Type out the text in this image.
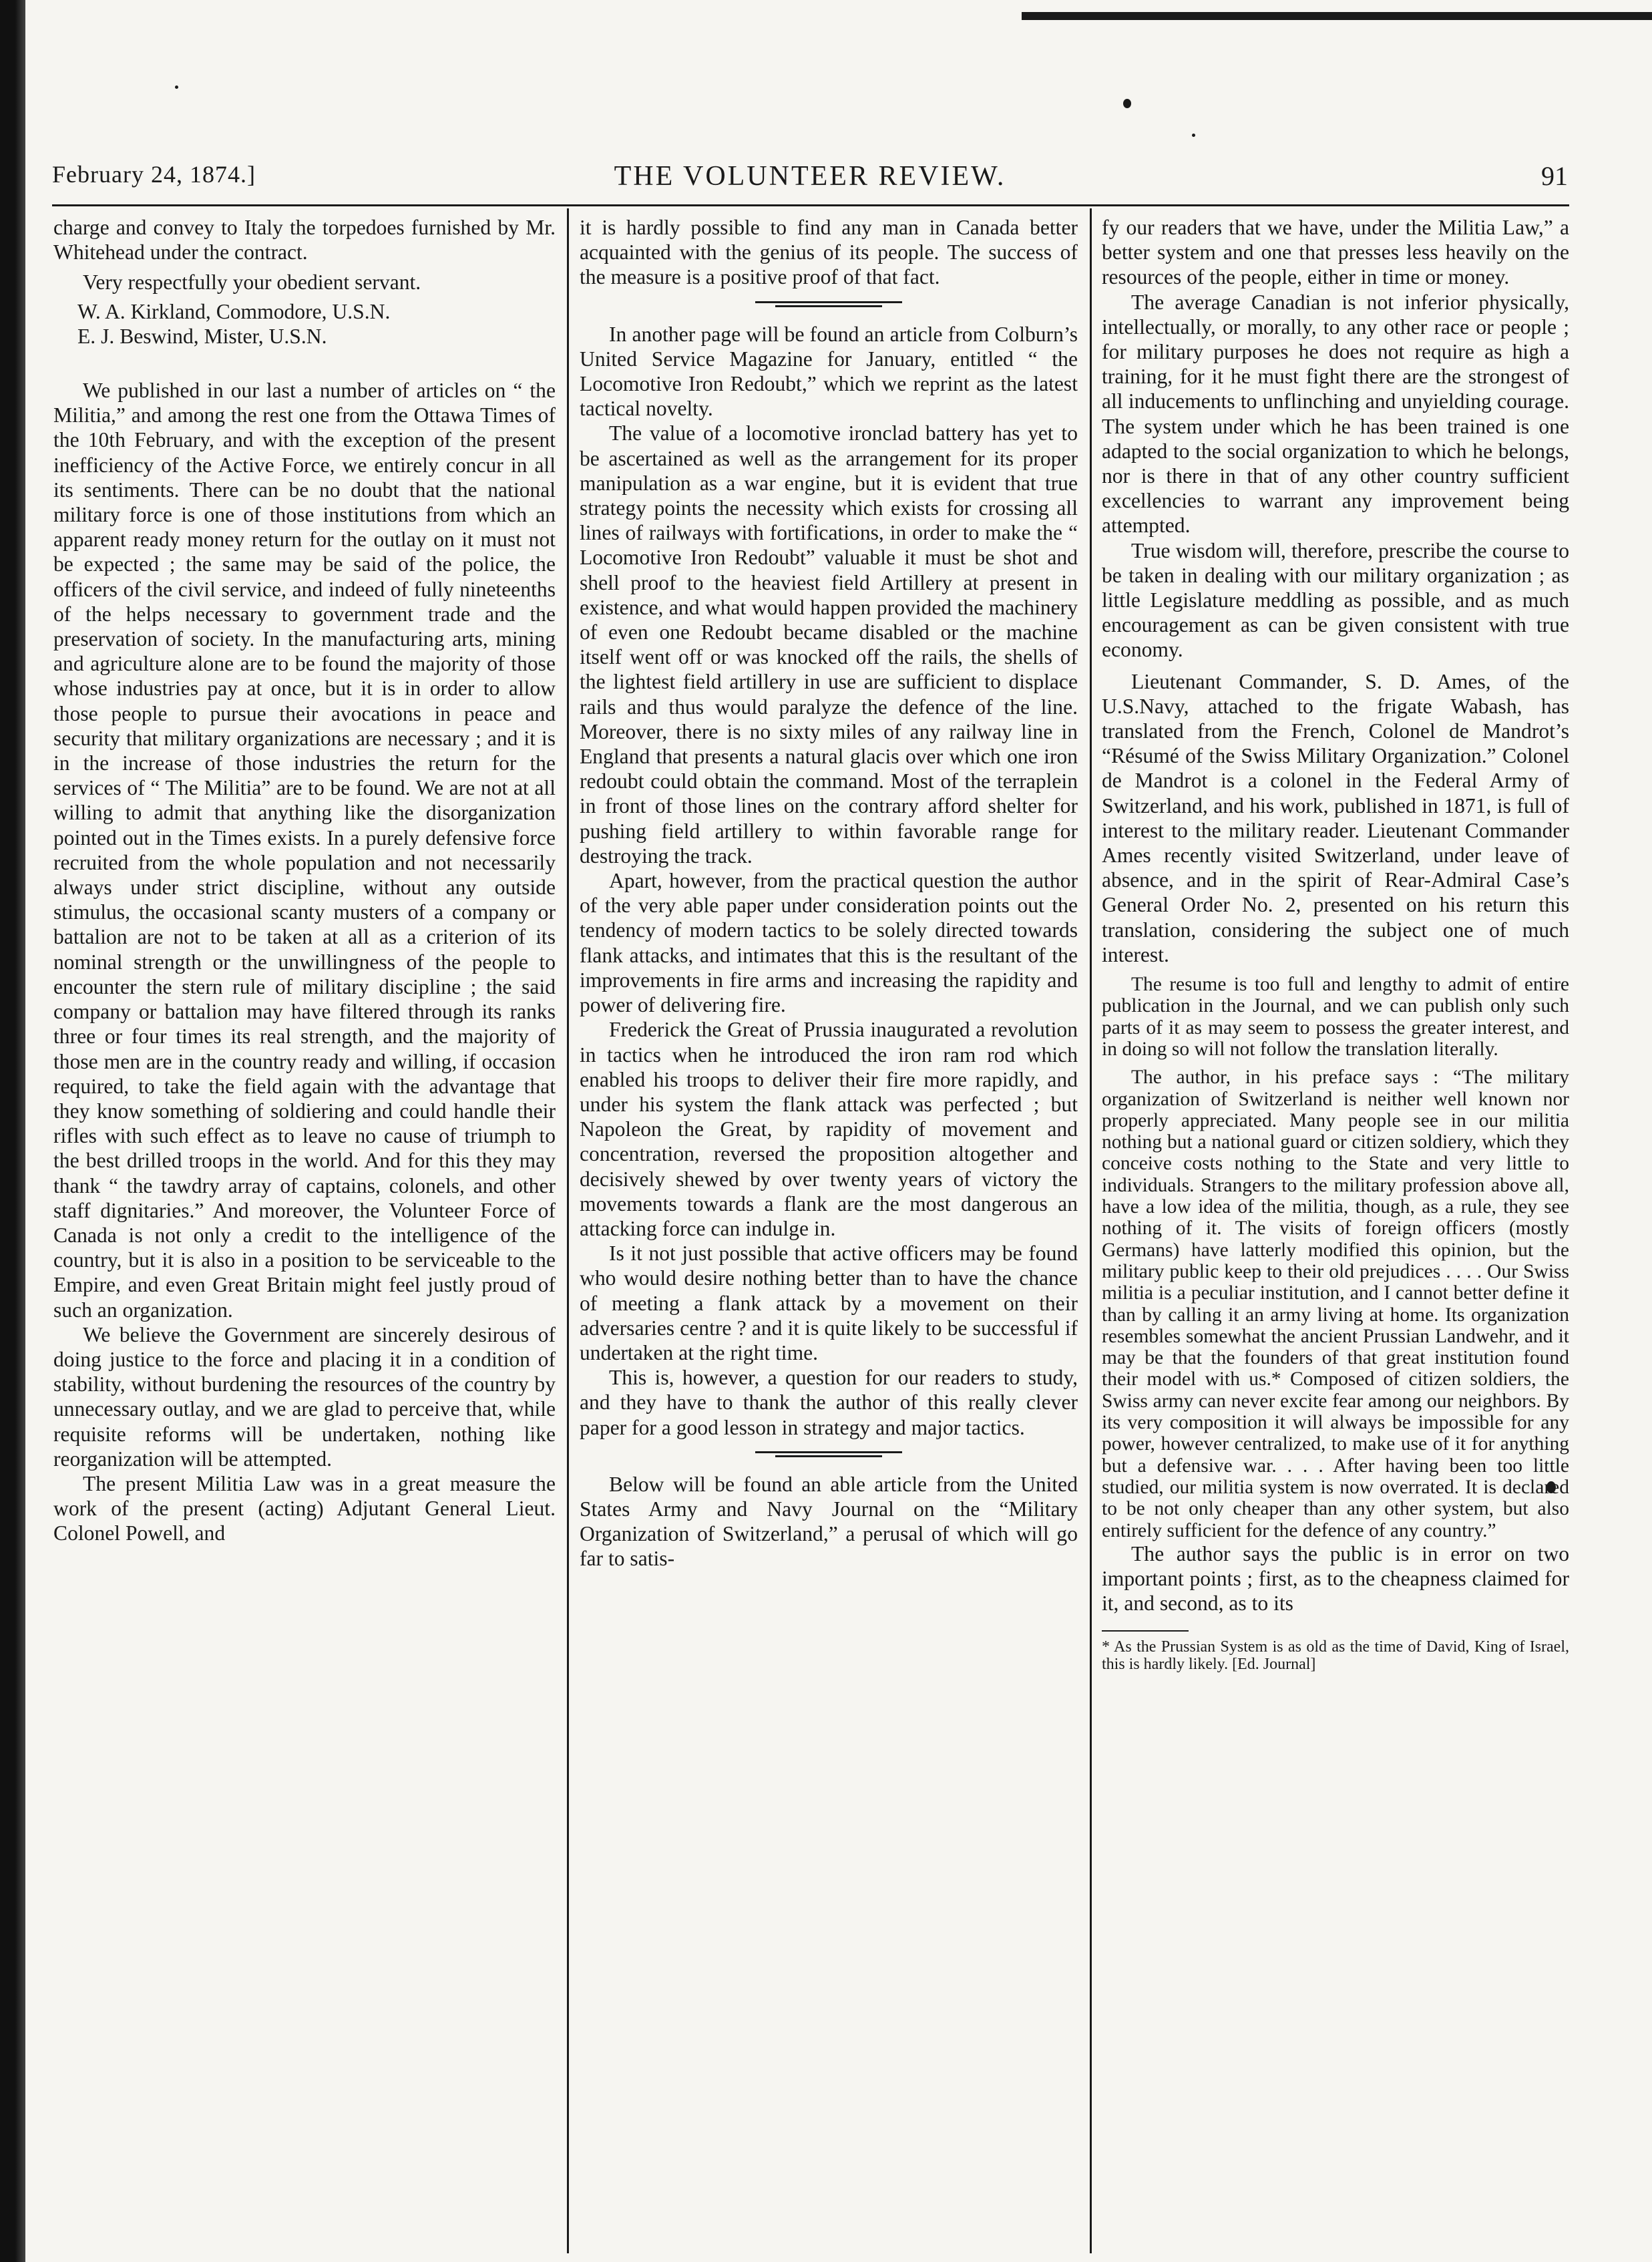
February 24, 1874.]	THE VOLUNTEER REVIEW.	91

charge and convey to Italy the torpedoes furnished by Mr. Whitehead under the contract.

Very respectfully your obedient servant.

W. A. Kirkland, Commodore, U.S.N.

E. J. Beswind, Mister, U.S.N.

We published in our last a number of articles on “ the Militia,” and among the rest one from the Ottawa Times of the 10th February, and with the exception of the present inefficiency of the Active Force, we entirely concur in all its sentiments. There can be no doubt that the national military force is one of those institutions from which an apparent ready money return for the outlay on it must not be expected ; the same may be said of the police, the officers of the civil service, and indeed of fully nineteenths of the helps necessary to government trade and the preservation of society. In the manufacturing arts, mining and agriculture alone are to be found the majority of those whose industries pay at once, but it is in order to allow those people to pursue their avocations in peace and security that military organizations are necessary ; and it is in the increase of those industries the return for the services of “ The Militia” are to be found. We are not at all willing to admit that anything like the disorganization pointed out in the Times exists. In a purely defensive force recruited from the whole population and not necessarily always under strict discipline, without any outside stimulus, the occasional scanty musters of a company or battalion are not to be taken at all as a criterion of its nominal strength or the unwillingness of the people to encounter the stern rule of military discipline ; the said company or battalion may have filtered through its ranks three or four times its real strength, and the majority of those men are in the country ready and willing, if occasion required, to take the field again with the advantage that they know something of soldiering and could handle their rifles with such effect as to leave no cause of triumph to the best drilled troops in the world. And for this they may thank “ the tawdry array of captains, colonels, and other staff dignitaries.” And moreover, the Volunteer Force of Canada is not only a credit to the intelligence of the country, but it is also in a position to be serviceable to the Empire, and even Great Britain might feel justly proud of such an organization.

We believe the Government are sincerely desirous of doing justice to the force and placing it in a condition of stability, without burdening the resources of the country by unnecessary outlay, and we are glad to perceive that, while requisite reforms will be undertaken, nothing like reorganization will be attempted.

The present Militia Law was in a great measure the work of the present (acting) Adjutant General Lieut. Colonel Powell, and

it is hardly possible to find any man in Canada better acquainted with the genius of its people. The success of the measure is a positive proof of that fact.

In another page will be found an article from Colburn’s United Service Magazine for January, entitled “ the Locomotive Iron Redoubt,” which we reprint as the latest tactical novelty.

The value of a locomotive ironclad battery has yet to be ascertained as well as the arrangement for its proper manipulation as a war engine, but it is evident that true strategy points the necessity which exists for crossing all lines of railways with fortifications, in order to make the “ Locomotive Iron Redoubt” valuable it must be shot and shell proof to the heaviest field Artillery at present in existence, and what would happen provided the machinery of even one Redoubt became disabled or the machine itself went off or was knocked off the rails, the shells of the lightest field artillery in use are sufficient to displace rails and thus would paralyze the defence of the line. Moreover, there is no sixty miles of any railway line in England that presents a natural glacis over which one iron redoubt could obtain the command. Most of the terraplein in front of those lines on the contrary afford shelter for pushing field artillery to within favorable range for destroying the track.

Apart, however, from the practical question the author of the very able paper under consideration points out the tendency of modern tactics to be solely directed towards flank attacks, and intimates that this is the resultant of the improvements in fire arms and increasing the rapidity and power of delivering fire.

Frederick the Great of Prussia inaugurated a revolution in tactics when he introduced the iron ram rod which enabled his troops to deliver their fire more rapidly, and under his system the flank attack was perfected ; but Napoleon the Great, by rapidity of movement and concentration, reversed the proposition altogether and decisively shewed by over twenty years of victory the movements towards a flank are the most dangerous an attacking force can indulge in.

Is it not just possible that active officers may be found who would desire nothing better than to have the chance of meeting a flank attack by a movement on their adversaries centre ? and it is quite likely to be successful if undertaken at the right time.

This is, however, a question for our readers to study, and they have to thank the author of this really clever paper for a good lesson in strategy and major tactics.

Below will be found an able article from the United States Army and Navy Journal on the “Military Organization of Switzerland,” a perusal of which will go far to satis-

fy our readers that we have, under the Militia Law,” a better system and one that presses less heavily on the resources of the people, either in time or money.

The average Canadian is not inferior physically, intellectually, or morally, to any other race or people ; for military purposes he does not require as high a training, for it he must fight there are the strongest of all inducements to unflinching and unyielding courage. The system under which he has been trained is one adapted to the social organization to which he belongs, nor is there in that of any other country sufficient excellencies to warrant any improvement being attempted.

True wisdom will, therefore, prescribe the course to be taken in dealing with our military organization ; as little Legislature meddling as possible, and as much encouragement as can be given consistent with true economy.

Lieutenant Commander, S. D. Ames, of the U.S.Navy, attached to the frigate Wabash, has translated from the French, Colonel de Mandrot’s “Résumé of the Swiss Military Organization.” Colonel de Mandrot is a colonel in the Federal Army of Switzerland, and his work, published in 1871, is full of interest to the military reader. Lieutenant Commander Ames recently visited Switzerland, under leave of absence, and in the spirit of Rear-Admiral Case’s General Order No. 2, presented on his return this translation, considering the subject one of much interest.

The resume is too full and lengthy to admit of entire publication in the Journal, and we can publish only such parts of it as may seem to possess the greater interest, and in doing so will not follow the translation literally.

The author, in his preface says : “The military organization of Switzerland is neither well known nor properly appreciated. Many people see in our militia nothing but a national guard or citizen soldiery, which they conceive costs nothing to the State and very little to individuals. Strangers to the military profession above all, have a low idea of the militia, though, as a rule, they see nothing of it. The visits of foreign officers (mostly Germans) have latterly modified this opinion, but the military public keep to their old prejudices . . . . Our Swiss militia is a peculiar institution, and I cannot better define it than by calling it an army living at home. Its organization resembles somewhat the ancient Prussian Landwehr, and it may be that the founders of that great institution found their model with us.* Composed of citizen soldiers, the Swiss army can never excite fear among our neighbors. By its very composition it will always be impossible for any power, however centralized, to make use of it for anything but a defensive war. . . . After having been too little studied, our militia system is now overrated. It is declared to be not only cheaper than any other system, but also entirely sufficient for the defence of any country.”

The author says the public is in error on two important points ; first, as to the cheapness claimed for it, and second, as to its

* As the Prussian System is as old as the time of David, King of Israel, this is hardly likely. [Ed. Journal]
